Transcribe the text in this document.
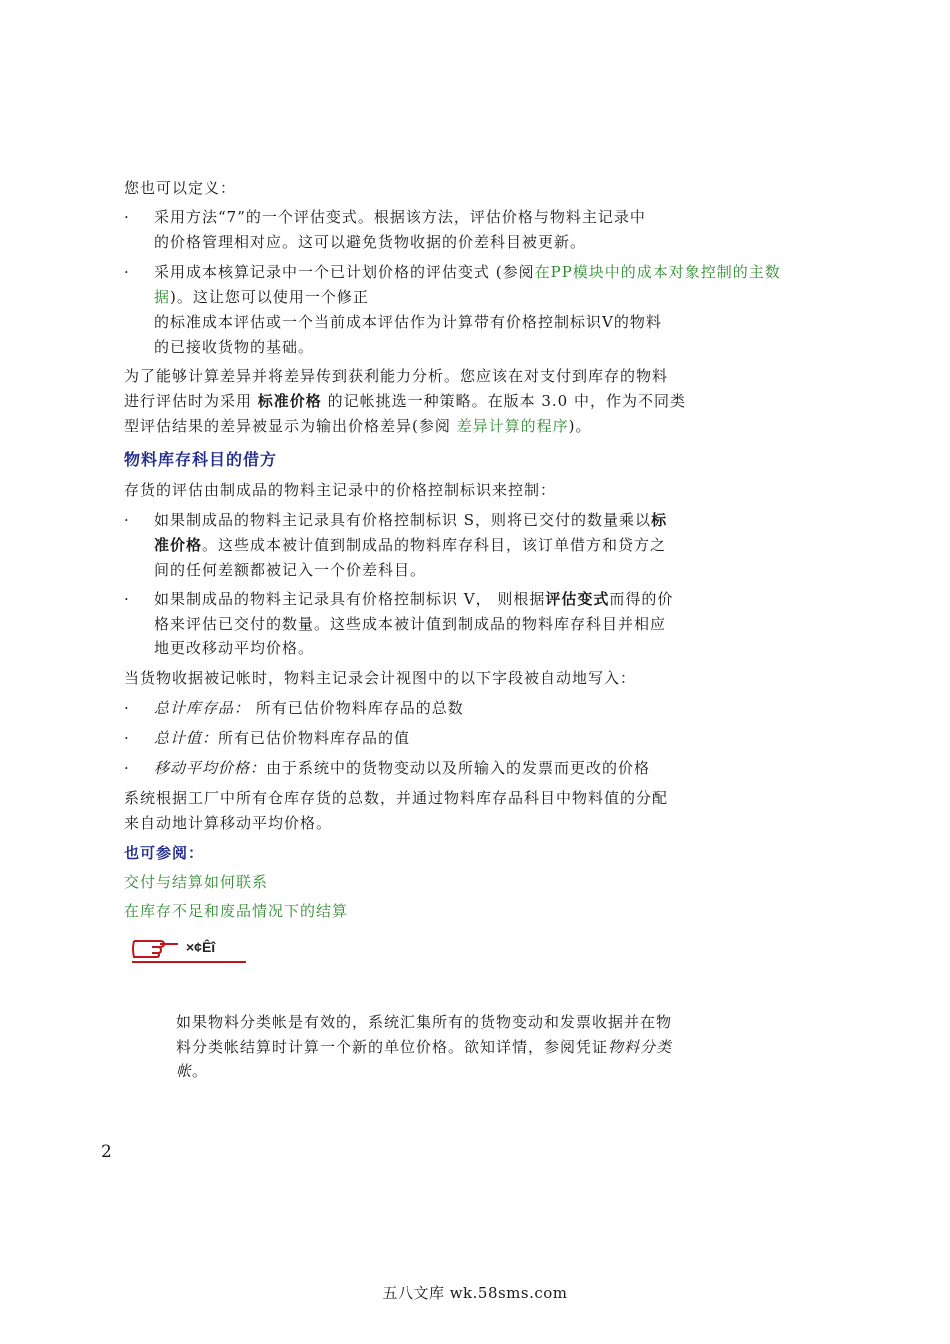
您也可以定义：
· 采用方法“7”的一个评估变式。根据该方法，评估价格与物料主记录中
的价格管理相对应。这可以避免货物收据的价差科目被更新。
· 采用成本核算记录中一个已计划价格的评估变式 (参阅在PP模块中的成本对象控制的主数
据)。这让您可以使用一个修正
的标准成本评估或一个当前成本评估作为计算带有价格控制标识V的物料
的已接收货物的基础。
为了能够计算差异并将差异传到获利能力分析。您应该在对支付到库存的物料
进行评估时为采用 标准价格 的记帐挑选一种策略。在版本 3.0 中，作为不同类
型评估结果的差异被显示为输出价格差异(参阅 差异计算的程序)。
物料库存科目的借方
存货的评估由制成品的物料主记录中的价格控制标识来控制：
· 如果制成品的物料主记录具有价格控制标识 S，则将已交付的数量乘以标
准价格。这些成本被计值到制成品的物料库存科目，该订单借方和贷方之
间的任何差额都被记入一个价差科目。
· 如果制成品的物料主记录具有价格控制标识 V， 则根据评估变式而得的价
格来评估已交付的数量。这些成本被计值到制成品的物料库存科目并相应
地更改移动平均价格。
当货物收据被记帐时，物料主记录会计视图中的以下字段被自动地写入：
· 总计库存品： 所有已估价物料库存品的总数
· 总计值：所有已估价物料库存品的值
· 移动平均价格：由于系统中的货物变动以及所输入的发票而更改的价格
系统根据工厂中所有仓库存货的总数，并通过物料库存品科目中物料值的分配
来自动地计算移动平均价格。
也可参阅：
交付与结算如何联系
在库存不足和废品情况下的结算
×¢Êî
如果物料分类帐是有效的，系统汇集所有的货物变动和发票收据并在物
料分类帐结算时计算一个新的单位价格。欲知详情，参阅凭证物料分类
帐。
2
五八文库 wk.58sms.com
